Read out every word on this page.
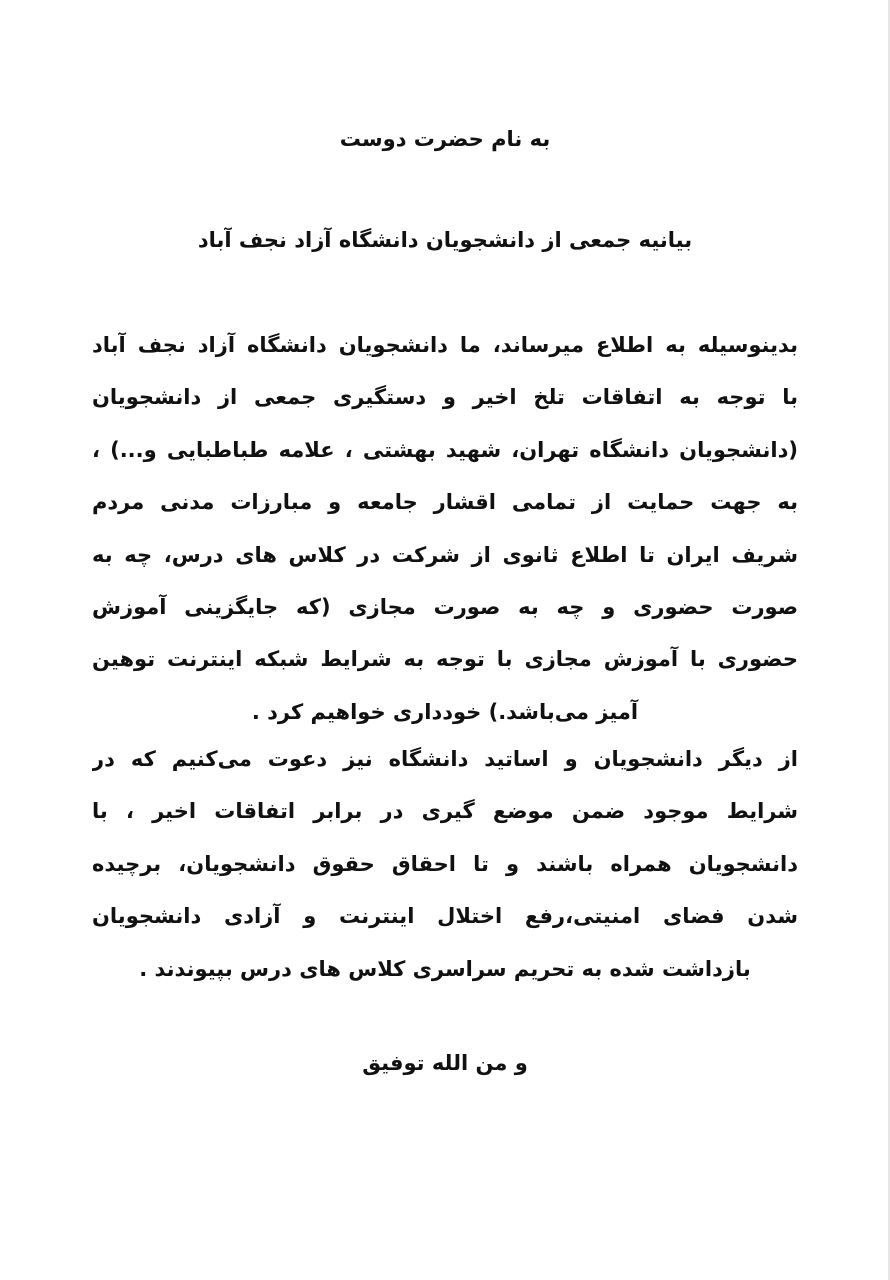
به نام حضرت دوست
بیانیه جمعی از دانشجویان دانشگاه آزاد نجف آباد
بدینوسیله به اطلاع میرساند، ما دانشجویان دانشگاه آزاد نجف آباد
با توجه به اتفاقات تلخ اخیر و دستگیری جمعی از دانشجویان
(دانشجویان دانشگاه تهران، شهید بهشتی ، علامه طباطبایی و...) ،
به جهت حمایت از تمامی اقشار جامعه و مبارزات مدنی مردم
شریف ایران تا اطلاع ثانوی از شرکت در کلاس های درس، چه به
صورت حضوری و چه به صورت مجازی (که جایگزینی آموزش
حضوری با آموزش مجازی با توجه به شرایط شبکه اینترنت توهین
آمیز می‌باشد.) خودداری خواهیم کرد .
از دیگر دانشجویان و اساتید دانشگاه نیز دعوت می‌کنیم که در
شرایط موجود ضمن موضع گیری در برابر اتفاقات اخیر ، با
دانشجویان همراه باشند و تا احقاق حقوق دانشجویان، برچیده
شدن فضای امنیتی،رفع اختلال اینترنت و آزادی دانشجویان
بازداشت شده به تحریم سراسری کلاس های درس بپیوندند .
و من الله توفیق
